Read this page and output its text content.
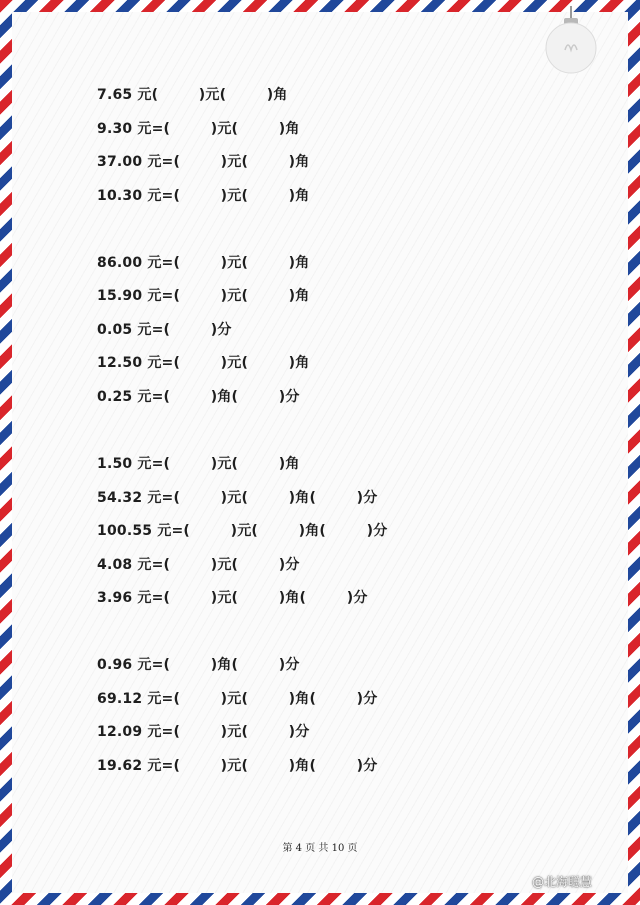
7.65 元(        )元(        )角
9.30 元=(        )元(        )角
37.00 元=(        )元(        )角
10.30 元=(        )元(        )角
86.00 元=(        )元(        )角
15.90 元=(        )元(        )角
0.05 元=(        )分
12.50 元=(        )元(        )角
0.25 元=(        )角(        )分
1.50 元=(        )元(        )角
54.32 元=(        )元(        )角(        )分
100.55 元=(        )元(        )角(        )分
4.08 元=(        )元(        )分
3.96 元=(        )元(        )角(        )分
0.96 元=(        )角(        )分
69.12 元=(        )元(        )角(        )分
12.09 元=(        )元(        )分
19.62 元=(        )元(        )角(        )分
第 4 页 共 10 页
@北海聪慧
